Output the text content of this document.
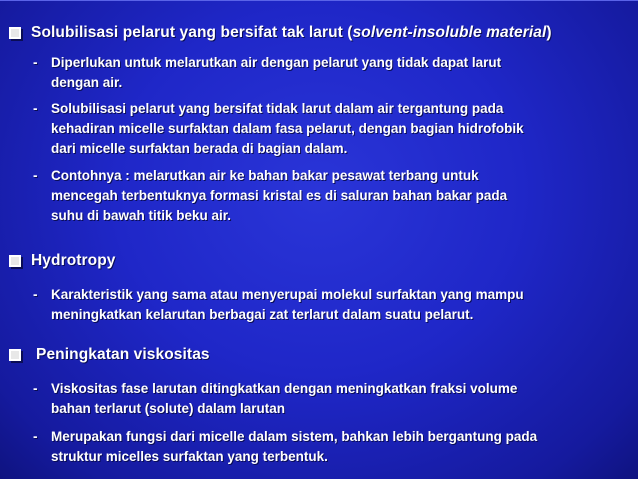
Solubilisasi pelarut yang bersifat tak larut (solvent-insoluble material)
- Diperlukan untuk melarutkan air dengan pelarut yang tidak dapat larut
dengan air.
- Solubilisasi pelarut yang bersifat tidak larut dalam air tergantung pada
kehadiran micelle surfaktan dalam fasa pelarut, dengan bagian hidrofobik
dari micelle surfaktan berada di bagian dalam.
- Contohnya : melarutkan air ke bahan bakar pesawat terbang untuk
mencegah terbentuknya formasi kristal es di saluran bahan bakar pada
suhu di bawah titik beku air.
Hydrotropy
- Karakteristik yang sama atau menyerupai molekul surfaktan yang mampu
meningkatkan kelarutan berbagai zat terlarut dalam suatu pelarut.
Peningkatan viskositas
- Viskositas fase larutan ditingkatkan dengan meningkatkan fraksi volume
bahan terlarut (solute) dalam larutan
- Merupakan fungsi dari micelle dalam sistem, bahkan lebih bergantung pada
struktur micelles surfaktan yang terbentuk.
